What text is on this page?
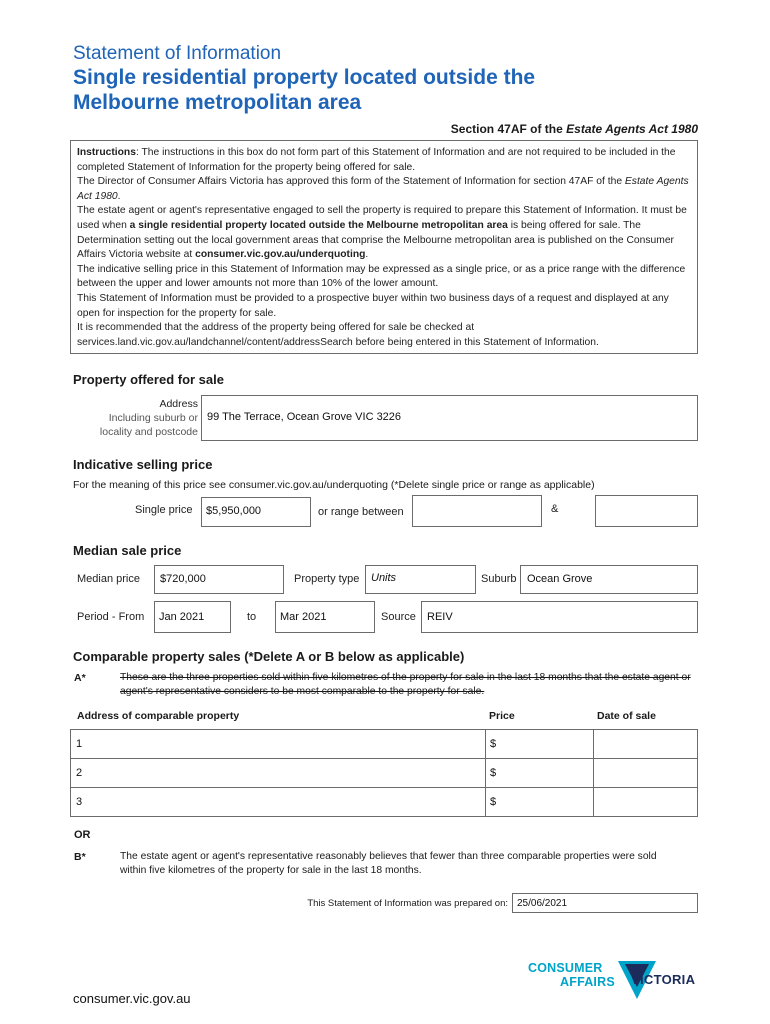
Statement of Information
Single residential property located outside the
Melbourne metropolitan area
Section 47AF of the Estate Agents Act 1980
Instructions: The instructions in this box do not form part of this Statement of Information and are not required to be included in the completed Statement of Information for the property being offered for sale.
The Director of Consumer Affairs Victoria has approved this form of the Statement of Information for section 47AF of the Estate Agents Act 1980.
The estate agent or agent's representative engaged to sell the property is required to prepare this Statement of Information. It must be used when a single residential property located outside the Melbourne metropolitan area is being offered for sale. The Determination setting out the local government areas that comprise the Melbourne metropolitan area is published on the Consumer Affairs Victoria website at consumer.vic.gov.au/underquoting.
The indicative selling price in this Statement of Information may be expressed as a single price, or as a price range with the difference between the upper and lower amounts not more than 10% of the lower amount.
This Statement of Information must be provided to a prospective buyer within two business days of a request and displayed at any open for inspection for the property for sale.
It is recommended that the address of the property being offered for sale be checked at services.land.vic.gov.au/landchannel/content/addressSearch before being entered in this Statement of Information.
Property offered for sale
Address
Including suburb or
locality and postcode
99 The Terrace, Ocean Grove VIC 3226
Indicative selling price
For the meaning of this price see consumer.vic.gov.au/underquoting (*Delete single price or range as applicable)
Single price $5,950,000	or range between	&
Median sale price
Median price $720,000	Property type Units	Suburb Ocean Grove
Period - From Jan 2021	to Mar 2021	Source REIV
Comparable property sales (*Delete A or B below as applicable)
A*	These are the three properties sold within five kilometres of the property for sale in the last 18 months that the estate agent or agent's representative considers to be most comparable to the property for sale.
Address of comparable property	Price	Date of sale
1	$
2	$
3	$
OR
B*	The estate agent or agent's representative reasonably believes that fewer than three comparable properties were sold within five kilometres of the property for sale in the last 18 months.
This Statement of Information was prepared on: 25/06/2021
CONSUMER
AFFAIRS VICTORIA
consumer.vic.gov.au
